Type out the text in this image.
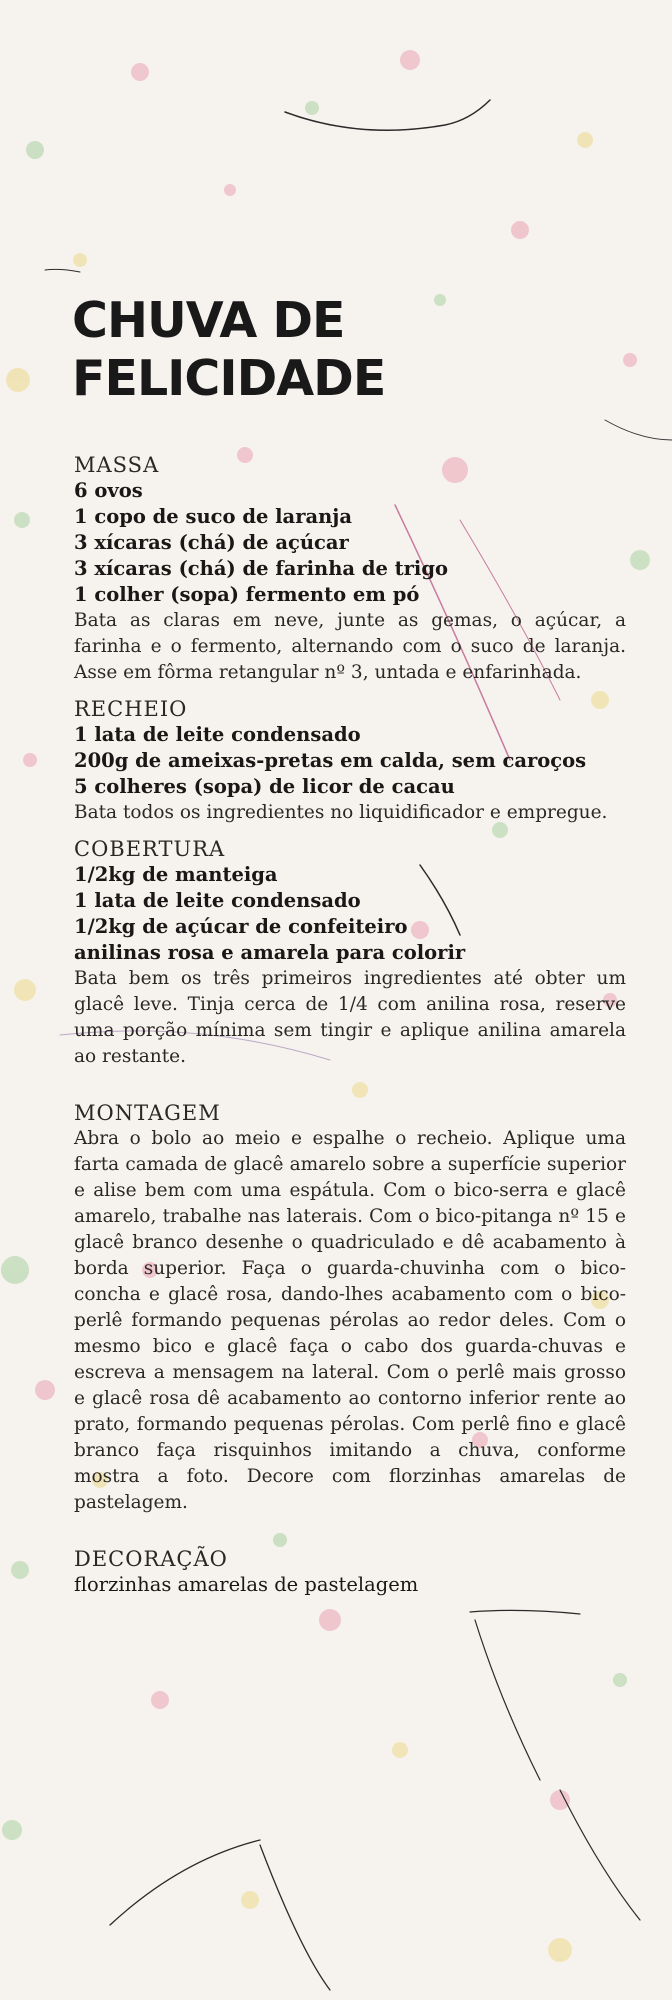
CHUVA DE
FELICIDADE
MASSA
6 ovos
1 copo de suco de laranja
3 xícaras (chá) de açúcar
3 xícaras (chá) de farinha de trigo
1 colher (sopa) fermento em pó
Bata as claras em neve, junte as gemas, o açúcar, a farinha e o fermento, alternando com o suco de laranja. Asse em fôrma retangular nº 3, untada e enfarinhada.
RECHEIO
1 lata de leite condensado
200g de ameixas-pretas em calda, sem caroços
5 colheres (sopa) de licor de cacau
Bata todos os ingredientes no liquidificador e empregue.
COBERTURA
1/2kg de manteiga
1 lata de leite condensado
1/2kg de açúcar de confeiteiro
anilinas rosa e amarela para colorir
Bata bem os três primeiros ingredientes até obter um glacê leve. Tinja cerca de 1/4 com anilina rosa, reserve uma porção mínima sem tingir e aplique anilina amarela ao restante.
MONTAGEM
Abra o bolo ao meio e espalhe o recheio. Aplique uma farta camada de glacê amarelo sobre a superfície superior e alise bem com uma espátula. Com o bico-serra e glacê amarelo, trabalhe nas laterais. Com o bico-pitanga nº 15 e glacê branco desenhe o quadriculado e dê acabamento à borda superior. Faça o guarda-chuvinha com o bico-concha e glacê rosa, dando-lhes acabamento com o bico-perlê formando pequenas pérolas ao redor deles. Com o mesmo bico e glacê faça o cabo dos guarda-chuvas e escreva a mensagem na lateral. Com o perlê mais grosso e glacê rosa dê acabamento ao contorno inferior rente ao prato, formando pequenas pérolas. Com perlê fino e glacê branco faça risquinhos imitando a chuva, conforme mostra a foto. Decore com florzinhas amarelas de pastelagem.
DECORAÇÃO
florzinhas amarelas de pastelagem
